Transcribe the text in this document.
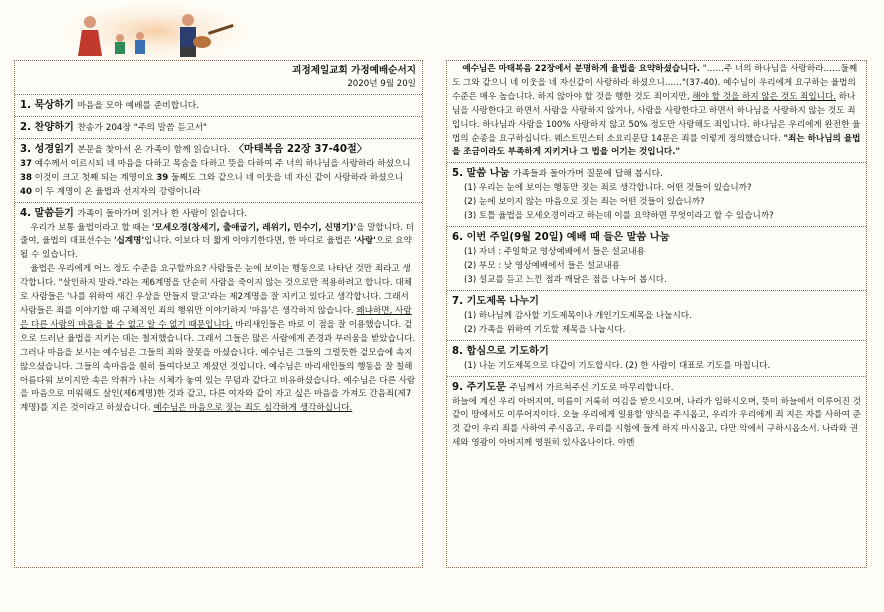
괴정제일교회 가정예배순서지
2020년 9월 20일
1. 묵상하기 마음을 모아 예배를 준비합니다.
2. 찬양하기 찬송가 204장 "주의 말씀 듣고서"
3. 성경읽기 본문을 찾아서 온 가족이 함께 읽습니다. 〈마태복음 22장 37-40절〉

37 예수께서 이르시되 네 마음을 다하고 목숨을 다하고 뜻을 다하여 주 너의 하나님을 사랑하라 하셨으니 38 이것이 크고 첫째 되는 계명이요 39 둘째도 그와 같으니 네 이웃을 네 자신 같이 사랑하라 하셨으니 40 이 두 계명이 온 율법과 선지자의 강령이니라

4. 말씀듣기 가족이 돌아가며 읽거나 한 사람이 읽습니다.

우리가 보통 율법이라고 할 때는 '모세오경(창세기, 출애굽기, 레위기, 민수기, 신명기)'을 말합니다. 더 줄여, 율법의 대표선수는 '십계명'입니다. 이보다 더 짧게 이야기한다면, 한 마디로 율법은 '사랑'으로 요약될 수 있습니다.

율법은 우리에게 어느 정도 수준을 요구할까요? 사람들은 눈에 보이는 행동으로 나타난 것만 죄라고 생각합니다. "살인하지 말라."라는 제6계명을 단순히 사람을 죽이지 않는 것으로만 적용하려고 합니다. 대체로 사람들은 '나를 위하여 새긴 우상을 만들지 말고'라는 제2계명을 잘 지키고 있다고 생각합니다. 그래서 사람들은 죄를 이야기할 때 구체적인 죄의 행위만 이야기하지 '마음'은 생각하지 않습니다. 왜냐하면, 사람은 다른 사람의 마음을 볼 수 없고 알 수 없기 때문입니다. 바리새인들은 바로 이 점을 잘 이용했습니다. 겉으로 드러난 율법을 지키는 데는 철저했습니다. 그래서 그들은 많은 사람에게 존경과 부러움을 받았습니다. 그러나 마음을 보시는 예수님은 그들의 죄와 잘못을 아셨습니다. 예수님은 그들의 그럴듯한 겉모습에 속지 않으셨습니다. 그들의 속마음을 훤히 들여다보고 계셨던 것입니다. 예수님은 바리새인들의 행동을 잘 칠해 아름다워 보이지만 속은 악취가 나는 시체가 놓여 있는 무덤과 같다고 비유하셨습니다. 예수님은 다른 사람을 마음으로 미워해도 살인(제6계명)한 것과 같고, 다른 여자와 같이 자고 싶은 마음을 가져도 간음죄(제7계명)를 지은 것이라고 하셨습니다. 예수님은 마음으로 짓는 죄도 심각하게 생각하십니다.

예수님은 마태복음 22장에서 분명하게 율법을 요약하셨습니다. "……주 너의 하나님을 사랑하라……둘째도 그와 같으니 네 이웃을 네 자신같이 사랑하라 하셨으니……"(37-40). 예수님이 우리에게 요구하는 율법의 수준은 매우 높습니다. 하지 않아야 할 것을 행한 것도 죄이지만, 해야 할 것을 하지 않은 것도 죄입니다. 하나님을 사랑한다고 하면서 사람을 사랑하지 않거나, 사람을 사랑한다고 하면서 하나님을 사랑하지 않는 것도 죄입니다. 하나님과 사람을 100% 사랑하지 않고 50% 정도만 사랑해도 죄입니다. 하나님은 우리에게 완전한 율법의 순종을 요구하십니다. 웨스트민스터 소요리문답 14문은 죄를 이렇게 정의했습니다. "죄는 하나님의 율법을 조금이라도 부족하게 지키거나 그 법을 어기는 것입니다."

5. 말씀 나눔 가족들과 돌아가며 질문에 답해 봅시다.
(1) 우리는 눈에 보이는 행동만 짓는 죄로 생각합니다. 어떤 것들이 있습니까?
(2) 눈에 보이지 않는 마음으로 짓는 죄는 어떤 것들이 있습니까?
(3) 토틀 율법을 모세오경이라고 하는데 이를 요약하면 무엇이라고 할 수 있습니까?
6. 이번 주일(9월 20일) 예배 때 들은 말씀 나눔
(1) 자녀 : 주일학교 영상예배에서 들은 설교내용
(2) 부모 : 낮 영상예배에서 들은 설교내용
(3) 설교를 듣고 느낀 점과 깨달은 점을 나누어 봅시다.
7. 기도제목 나누기
(1) 하나님께 감사할 기도제목이나 개인기도제목을 나눕시다.
(2) 가족을 위하여 기도할 제목을 나눕시다.
8. 합심으로 기도하기
(1) 나눈 기도제목으로 다같이 기도합시다. (2) 한 사람이 대표로 기도를 마칩니다.
9. 주기도문 주님께서 가르쳐주신 기도로 마무리합니다.

하늘에 계신 우리 아버지여, 이름이 거룩히 여김을 받으시오며, 나라가 임하시오며, 뜻이 하늘에서 이루어진 것 같이 땅에서도 이루어지이다. 오늘 우리에게 일용할 양식을 주시옵고, 우리가 우리에게 죄 지은 자를 사하여 준 것 같이 우리 죄를 사하여 주시옵고, 우리를 시험에 들게 하지 마시옵고, 다만 악에서 구하시옵소서. 나라와 권세와 영광이 아버지께 영원히 있사옵나이다. 아멘
